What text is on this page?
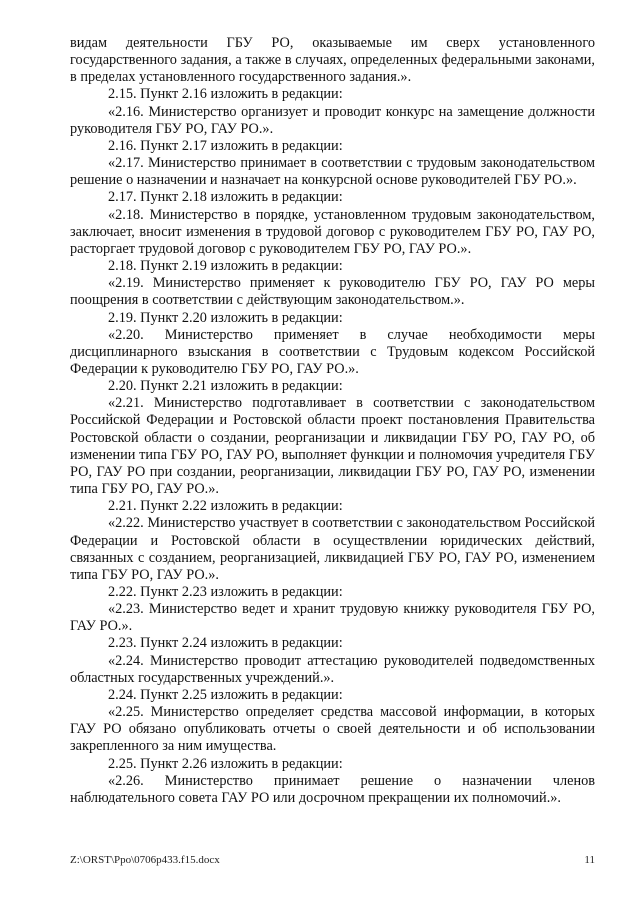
видам деятельности ГБУ РО, оказываемые им сверх установленного государственного задания, а также в случаях, определенных федеральными законами, в пределах установленного государственного задания.».

2.15. Пункт 2.16 изложить в редакции:

«2.16. Министерство организует и проводит конкурс на замещение должности руководителя ГБУ РО, ГАУ РО.».

2.16. Пункт 2.17 изложить в редакции:

«2.17. Министерство принимает в соответствии с трудовым законодательством решение о назначении и назначает на конкурсной основе руководителей ГБУ РО.».

2.17. Пункт 2.18 изложить в редакции:

«2.18. Министерство в порядке, установленном трудовым законодательством, заключает, вносит изменения в трудовой договор с руководителем ГБУ РО, ГАУ РО, расторгает трудовой договор с руководителем ГБУ РО, ГАУ РО.».

2.18. Пункт 2.19 изложить в редакции:

«2.19. Министерство применяет к руководителю ГБУ РО, ГАУ РО меры поощрения в соответствии с действующим законодательством.».

2.19. Пункт 2.20 изложить в редакции:

«2.20. Министерство применяет в случае необходимости меры дисциплинарного взыскания в соответствии с Трудовым кодексом Российской Федерации к руководителю ГБУ РО, ГАУ РО.».

2.20. Пункт 2.21 изложить в редакции:

«2.21. Министерство подготавливает в соответствии с законодательством Российской Федерации и Ростовской области проект постановления Правительства Ростовской области о создании, реорганизации и ликвидации ГБУ РО, ГАУ РО, об изменении типа ГБУ РО, ГАУ РО, выполняет функции и полномочия учредителя ГБУ РО, ГАУ РО при создании, реорганизации, ликвидации ГБУ РО, ГАУ РО, изменении типа ГБУ РО, ГАУ РО.».

2.21. Пункт 2.22 изложить в редакции:

«2.22. Министерство участвует в соответствии с законодательством Российской Федерации и Ростовской области в осуществлении юридических действий, связанных с созданием, реорганизацией, ликвидацией ГБУ РО, ГАУ РО, изменением типа ГБУ РО, ГАУ РО.».

2.22. Пункт 2.23 изложить в редакции:

«2.23. Министерство ведет и хранит трудовую книжку руководителя ГБУ РО, ГАУ РО.».

2.23. Пункт 2.24 изложить в редакции:

«2.24. Министерство проводит аттестацию руководителей подведомственных областных государственных учреждений.».

2.24. Пункт 2.25 изложить в редакции:

«2.25. Министерство определяет средства массовой информации, в которых ГАУ РО обязано опубликовать отчеты о своей деятельности и об использовании закрепленного за ним имущества.

2.25. Пункт 2.26 изложить в редакции:

«2.26. Министерство принимает решение о назначении членов наблюдательного совета ГАУ РО или досрочном прекращении их полномочий.».

Z:\ORST\Ppo\0706p433.f15.docx	11
